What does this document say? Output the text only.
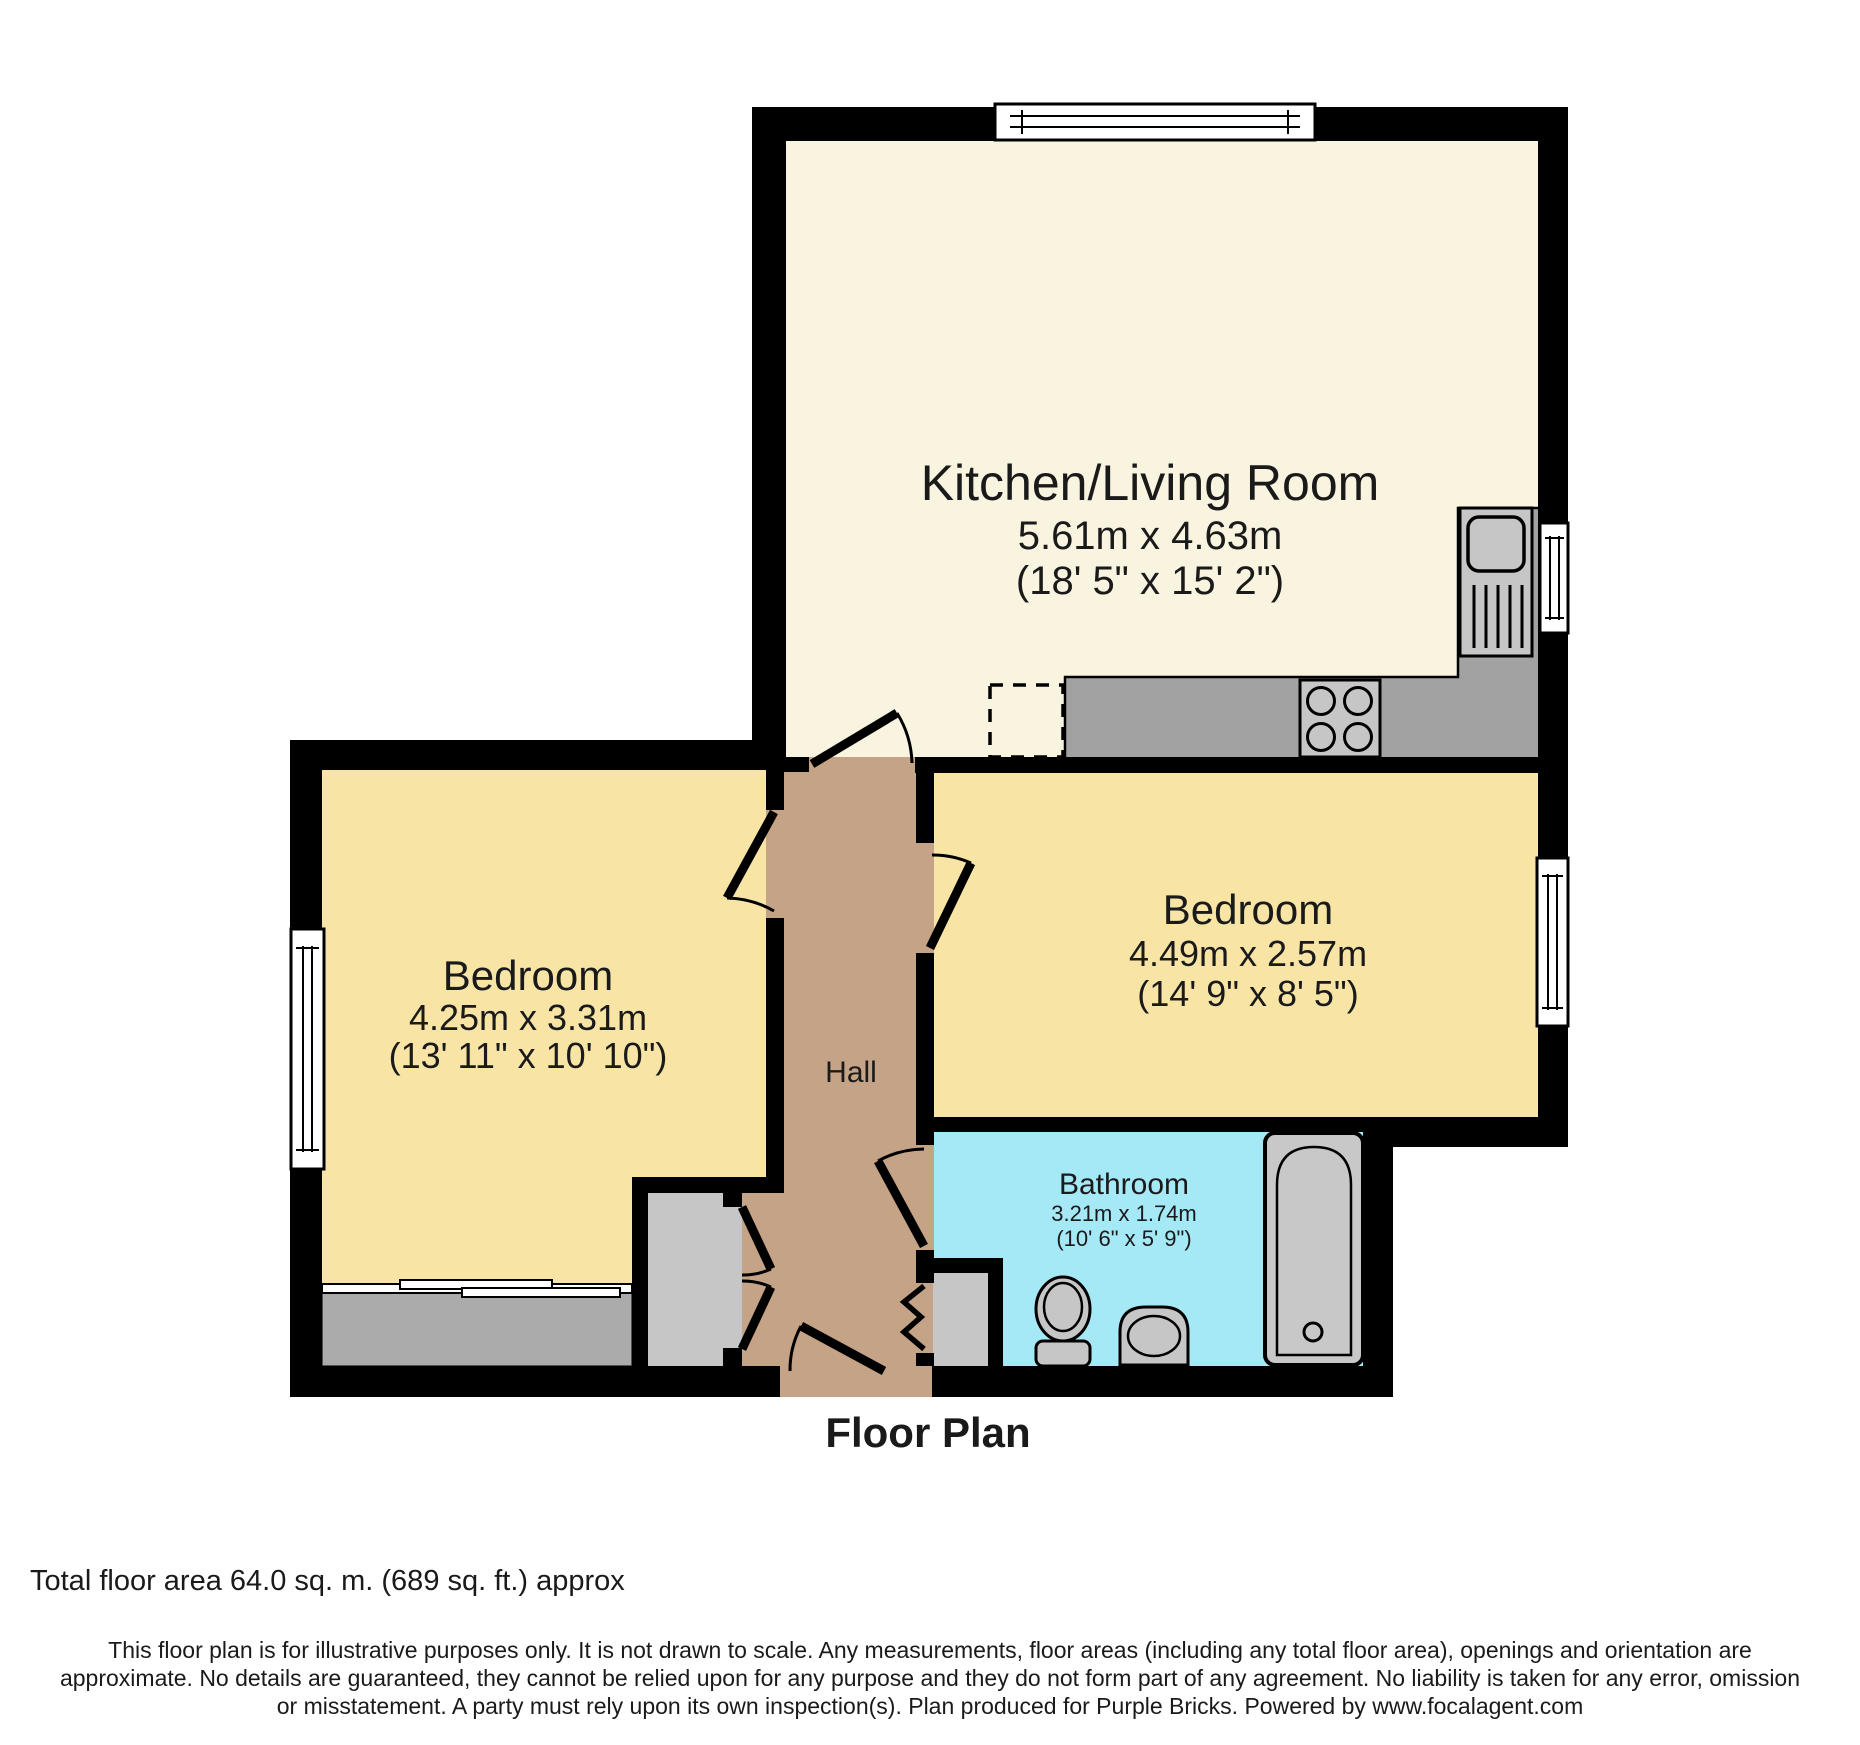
Kitchen/Living Room
5.61m x 4.63m
(18' 5" x 15' 2")
Bedroom
4.25m x 3.31m
(13' 11" x 10' 10")
Bedroom
4.49m x 2.57m
(14' 9" x 8' 5")
Hall
Bathroom
3.21m x 1.74m
(10' 6" x 5' 9")
Floor Plan
Total floor area 64.0 sq. m. (689 sq. ft.) approx
This floor plan is for illustrative purposes only. It is not drawn to scale. Any measurements, floor areas (including any total floor area), openings and orientation are
approximate. No details are guaranteed, they cannot be relied upon for any purpose and they do not form part of any agreement. No liability is taken for any error, omission
or misstatement. A party must rely upon its own inspection(s). Plan produced for Purple Bricks. Powered by www.focalagent.com
